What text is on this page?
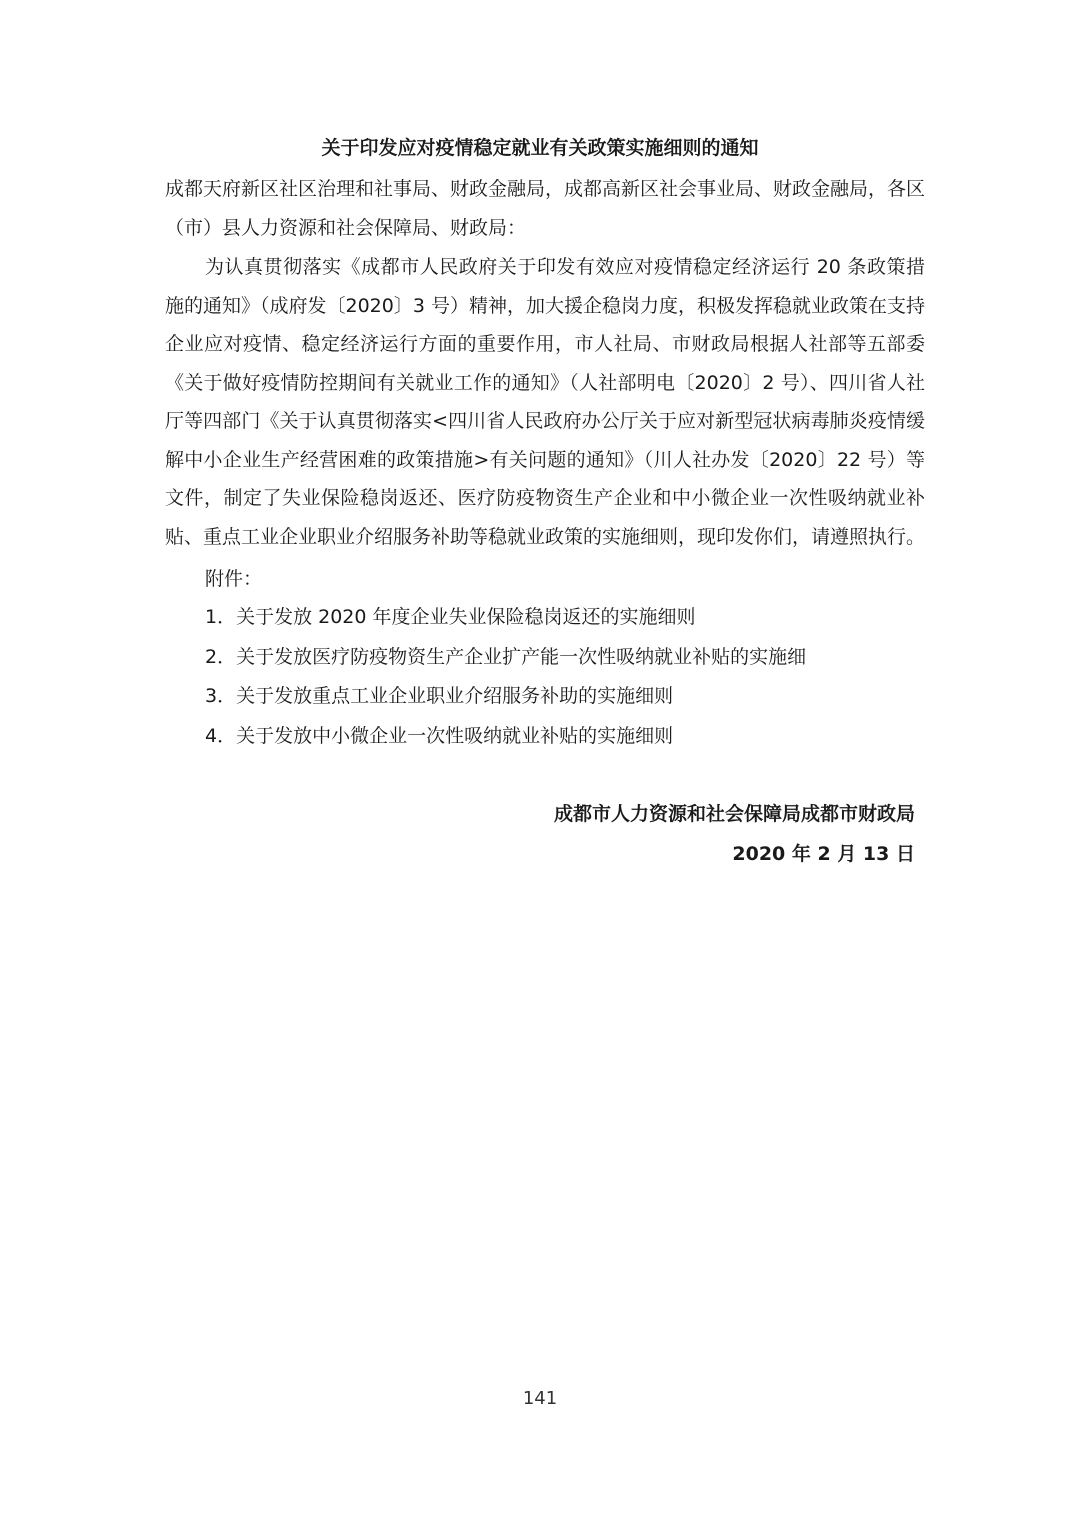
关于印发应对疫情稳定就业有关政策实施细则的通知
成都天府新区社区治理和社事局、财政金融局，成都高新区社会事业局、财政金融局，各区（市）县人力资源和社会保障局、财政局：
为认真贯彻落实《成都市人民政府关于印发有效应对疫情稳定经济运行 20 条政策措施的通知》（成府发〔2020〕3 号）精神，加大援企稳岗力度，积极发挥稳就业政策在支持企业应对疫情、稳定经济运行方面的重要作用，市人社局、市财政局根据人社部等五部委《关于做好疫情防控期间有关就业工作的通知》（人社部明电〔2020〕2 号）、四川省人社厅等四部门《关于认真贯彻落实<四川省人民政府办公厅关于应对新型冠状病毒肺炎疫情缓解中小企业生产经营困难的政策措施>有关问题的通知》（川人社办发〔2020〕22 号）等文件，制定了失业保险稳岗返还、医疗防疫物资生产企业和中小微企业一次性吸纳就业补贴、重点工业企业职业介绍服务补助等稳就业政策的实施细则，现印发你们，请遵照执行。
附件：
1．关于发放 2020 年度企业失业保险稳岗返还的实施细则
2．关于发放医疗防疫物资生产企业扩产能一次性吸纳就业补贴的实施细
3．关于发放重点工业企业职业介绍服务补助的实施细则
4．关于发放中小微企业一次性吸纳就业补贴的实施细则
成都市人力资源和社会保障局成都市财政局
2020 年 2 月 13 日
141
